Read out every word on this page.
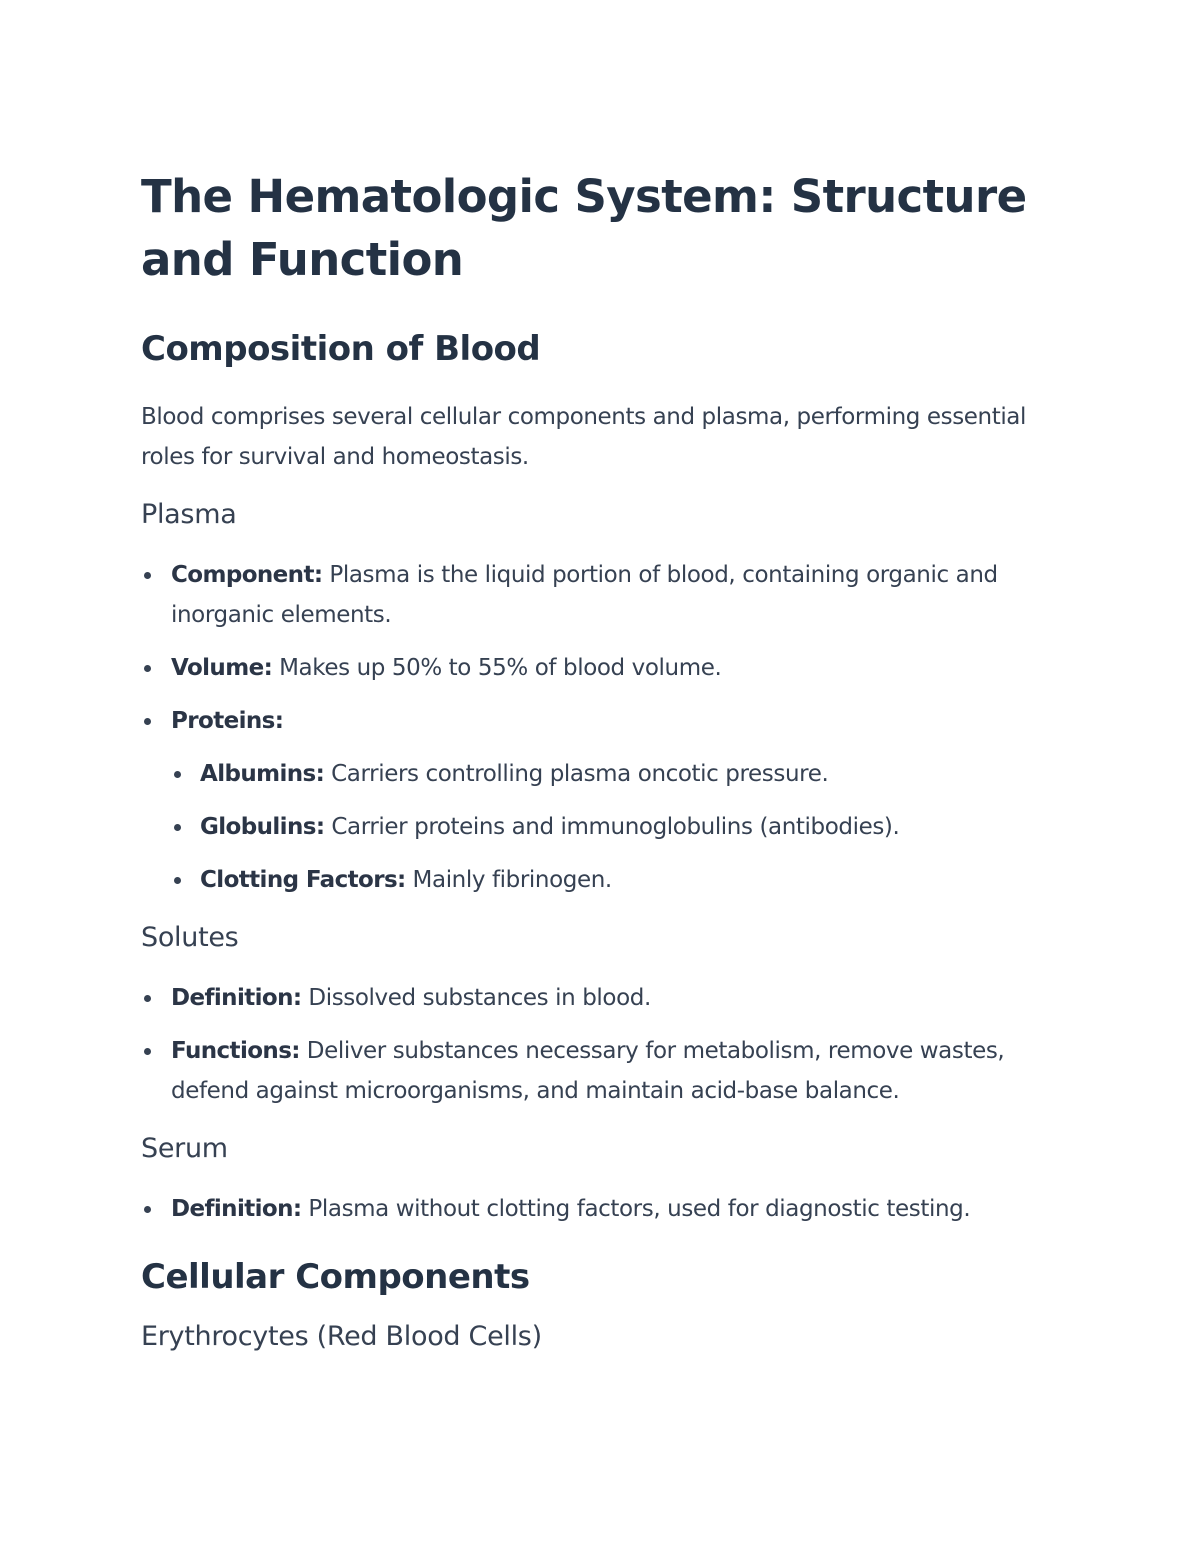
The Hematologic System: Structure and Function
Composition of Blood

Blood comprises several cellular components and plasma, performing essential roles for survival and homeostasis.

Plasma
Component: Plasma is the liquid portion of blood, containing organic and inorganic elements.
Volume: Makes up 50% to 55% of blood volume.
Proteins:
Albumins: Carriers controlling plasma oncotic pressure.
Globulins: Carrier proteins and immunoglobulins (antibodies).
Clotting Factors: Mainly fibrinogen.
Solutes
Definition: Dissolved substances in blood.
Functions: Deliver substances necessary for metabolism, remove wastes, defend against microorganisms, and maintain acid-base balance.
Serum
Definition: Plasma without clotting factors, used for diagnostic testing.
Cellular Components
Erythrocytes (Red Blood Cells)
